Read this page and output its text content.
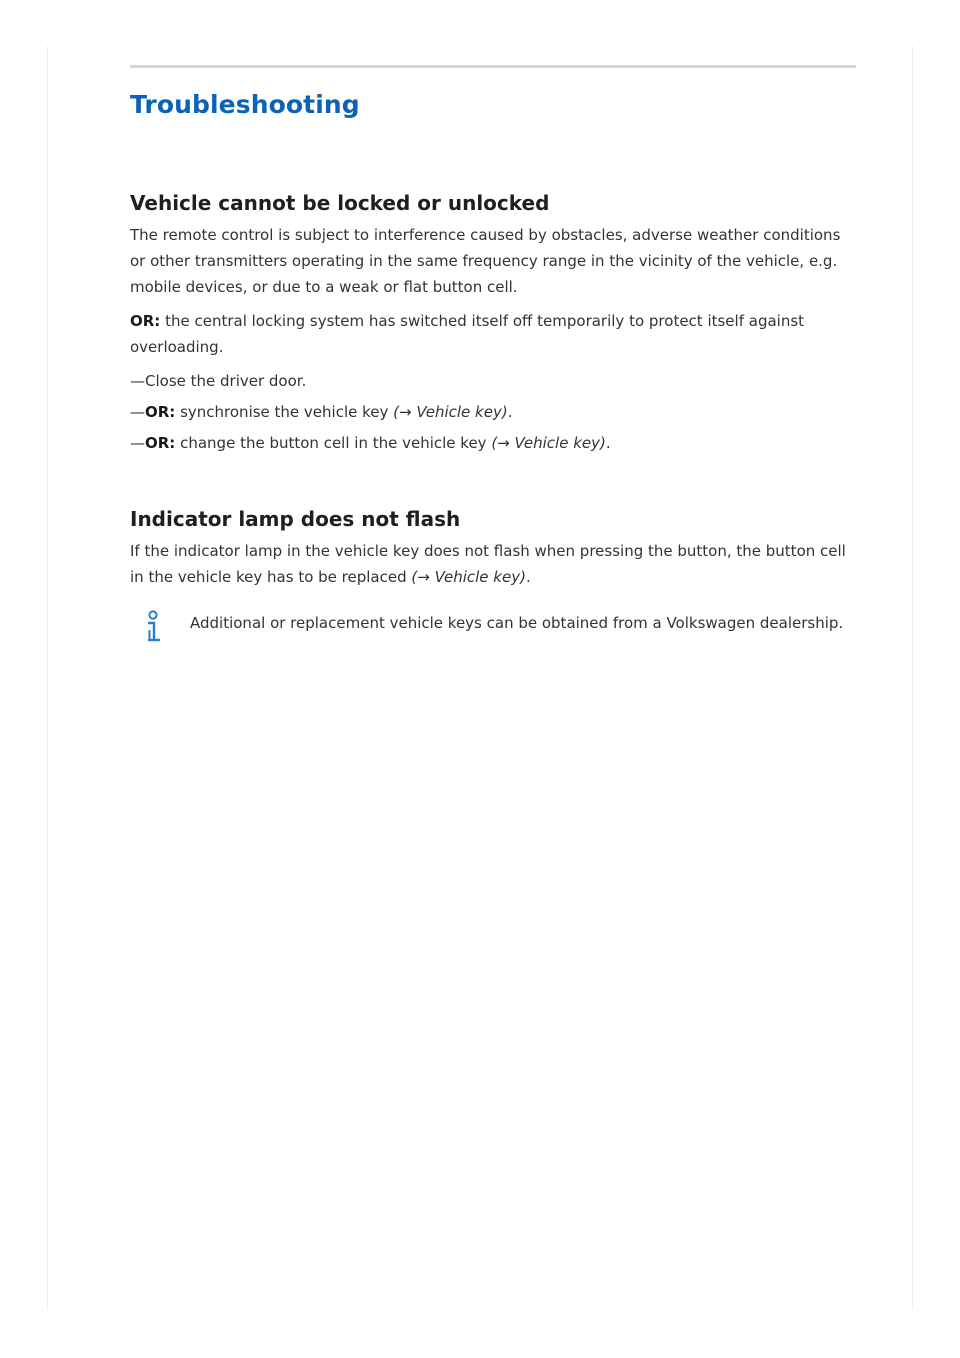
Troubleshooting
Vehicle cannot be locked or unlocked

The remote control is subject to interference caused by obstacles, adverse weather conditions or other transmitters operating in the same frequency range in the vicinity of the vehicle, e.g. mobile devices, or due to a weak or flat button cell.

OR: the central locking system has switched itself off temporarily to protect itself against overloading.

—Close the driver door.

—OR: synchronise the vehicle key (→ Vehicle key).

—OR: change the button cell in the vehicle key (→ Vehicle key).

Indicator lamp does not flash

If the indicator lamp in the vehicle key does not flash when pressing the button, the button cell in the vehicle key has to be replaced (→ Vehicle key).

Additional or replacement vehicle keys can be obtained from a Volkswagen dealership.
